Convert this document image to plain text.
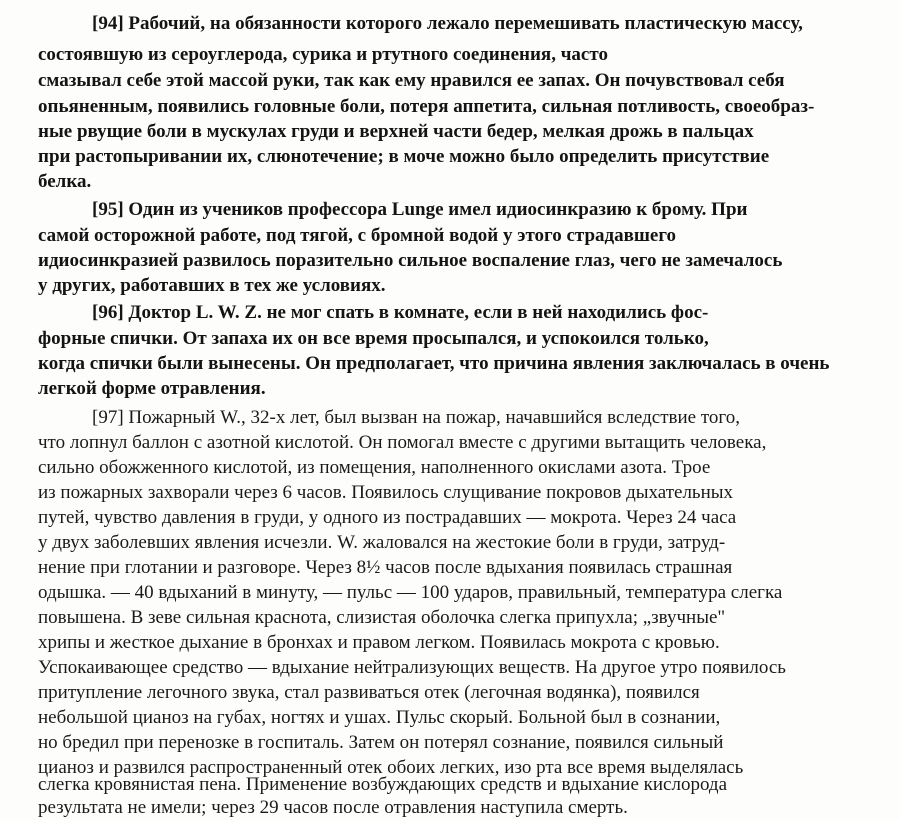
[94] Рабочий, на обязанности которого лежало перемешивать пластическую массу,
состоявшую из сероуглерода, сурика и ртутного соединения, часто
смазывал себе этой массой руки, так как ему нравился ее запах. Он почувствовал себя
опьяненным, появились головные боли, потеря аппетита, сильная потливость, своеобраз-
ные рвущие боли в мускулах груди и верхней части бедер, мелкая дрожь в пальцах
при растопыривании их, слюнотечение; в моче можно было определить присутствие
белка.
[95] Один из учеников профессора Lunge имел идиосинкразию к брому. При
самой осторожной работе, под тягой, с бромной водой у этого страдавшего
идиосинкразией развилось поразительно сильное воспаление глаз, чего не замечалось
у других, работавших в тех же условиях.
[96] Доктор L. W. Z. не мог спать в комнате, если в ней находились фос-
форные спички. От запаха их он все время просыпался, и успокоился только,
когда спички были вынесены. Он предполагает, что причина явления заключалась в очень
легкой форме отравления.
[97] Пожарный W., 32-х лет, был вызван на пожар, начавшийся вследствие того,
что лопнул баллон с азотной кислотой. Он помогал вместе с другими вытащить человека,
сильно обожженного кислотой, из помещения, наполненного окислами азота. Трое
из пожарных захворали через 6 часов. Появилось слущивание покровов дыхательных
путей, чувство давления в груди, у одного из пострадавших — мокрота. Через 24 часа
у двух заболевших явления исчезли. W. жаловался на жестокие боли в груди, затруд-
нение при глотании и разговоре. Через 8½ часов после вдыхания появилась страшная
одышка. — 40 вдыханий в минуту, — пульс — 100 ударов, правильный, температура слегка
повышена. В зеве сильная краснота, слизистая оболочка слегка припухла; „звучные"
хрипы и жесткое дыхание в бронхах и правом легком. Появилась мокрота с кровью.
Успокаивающее средство — вдыхание нейтрализующих веществ. На другое утро появилось
притупление легочного звука, стал развиваться отек (легочная водянка), появился
небольшой цианоз на губах, ногтях и ушах. Пульс скорый. Больной был в сознании,
но бредил при перенозке в госпиталь. Затем он потерял сознание, появился сильный
цианоз и развился распространенный отек обоих легких, изо рта все время выделялась
слегка кровянистая пена. Применение возбуждающих средств и вдыхание кислорода
результата не имели; через 29 часов после отравления наступила смерть.
